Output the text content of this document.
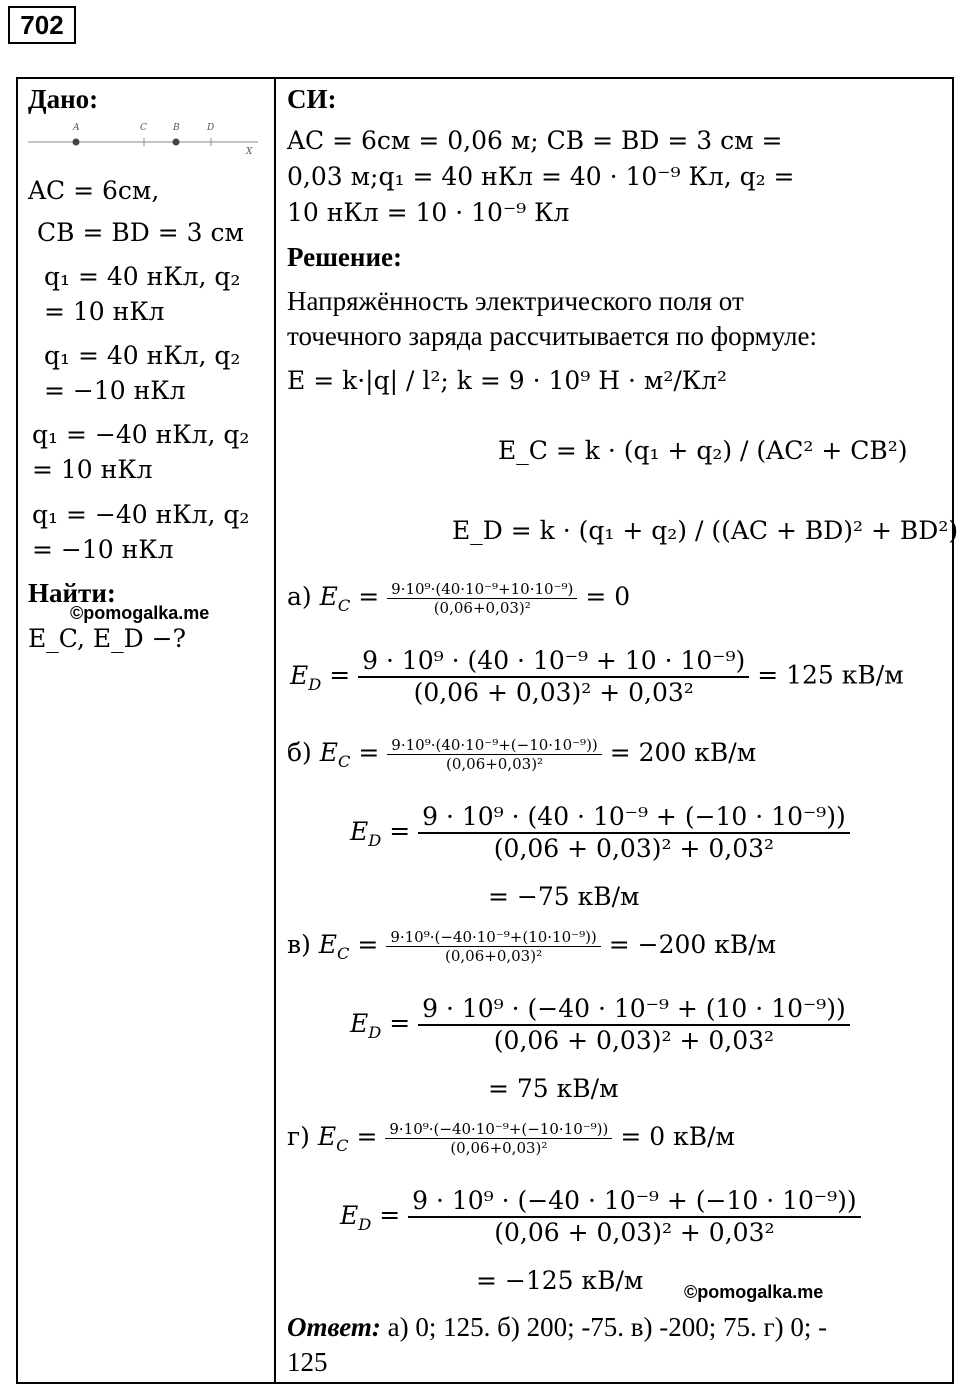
702
Дано:
A	C	B	D
X
AC = 6см,
CB = BD = 3 см
q₁ = 40 нКл, q₂
= 10 нКл
q₁ = 40 нКл, q₂
= −10 нКл
q₁ = −40 нКл, q₂
= 10 нКл
q₁ = −40 нКл, q₂
= −10 нКл
Найти:
©pomogalka.me
E_C, E_D −?
СИ:
AC = 6см = 0,06 м; CB = BD = 3 см =
0,03 м;q₁ = 40 нКл = 40 · 10⁻⁹ Кл, q₂ =
10 нКл = 10 · 10⁻⁹ Кл
Решение:
Напряжённость электрического поля от
точечного заряда рассчитывается по формуле:
E = k·|q| / l²; k = 9 · 10⁹ Н · м²/Кл²
E_C = k · (q₁ + q₂) / (AC² + CB²)
E_D = k · (q₁ + q₂) / ((AC + BD)² + BD²)
а) $E_C = \frac{\text{9·10⁹·(40·10⁻⁹+10·10⁻⁹)}}{\text{(0,06+0,03)²}} = 0$
$E_D = \frac{\text{9 · 10⁹ · (40 · 10⁻⁹ + 10 · 10⁻⁹)}}{\text{(0,06 + 0,03)² + 0,03²}} = 125$ кВ/м
б) $E_C = \frac{\text{9·10⁹·(40·10⁻⁹+(−10·10⁻⁹))}}{\text{(0,06+0,03)²}} = 200$ кВ/м
$E_D = \frac{\text{9 · 10⁹ · (40 · 10⁻⁹ + (−10 · 10⁻⁹))}}{\text{(0,06 + 0,03)² + 0,03²}}$
= −75 кВ/м
в) $E_C = \frac{\text{9·10⁹·(−40·10⁻⁹+(10·10⁻⁹))}}{\text{(0,06+0,03)²}} = -200$ кВ/м
$E_D = \frac{\text{9 · 10⁹ · (−40 · 10⁻⁹ + (10 · 10⁻⁹))}}{\text{(0,06 + 0,03)² + 0,03²}}$
= 75 кВ/м
г) $E_C = \frac{\text{9·10⁹·(−40·10⁻⁹+(−10·10⁻⁹))}}{\text{(0,06+0,03)²}} = 0$ кВ/м
$E_D = \frac{\text{9 · 10⁹ · (−40 · 10⁻⁹ + (−10 · 10⁻⁹))}}{\text{(0,06 + 0,03)² + 0,03²}}$
= −125 кВ/м ©pomogalka.me
Ответ: а) 0; 125. б) 200; -75. в) -200; 75. г) 0; -
125
